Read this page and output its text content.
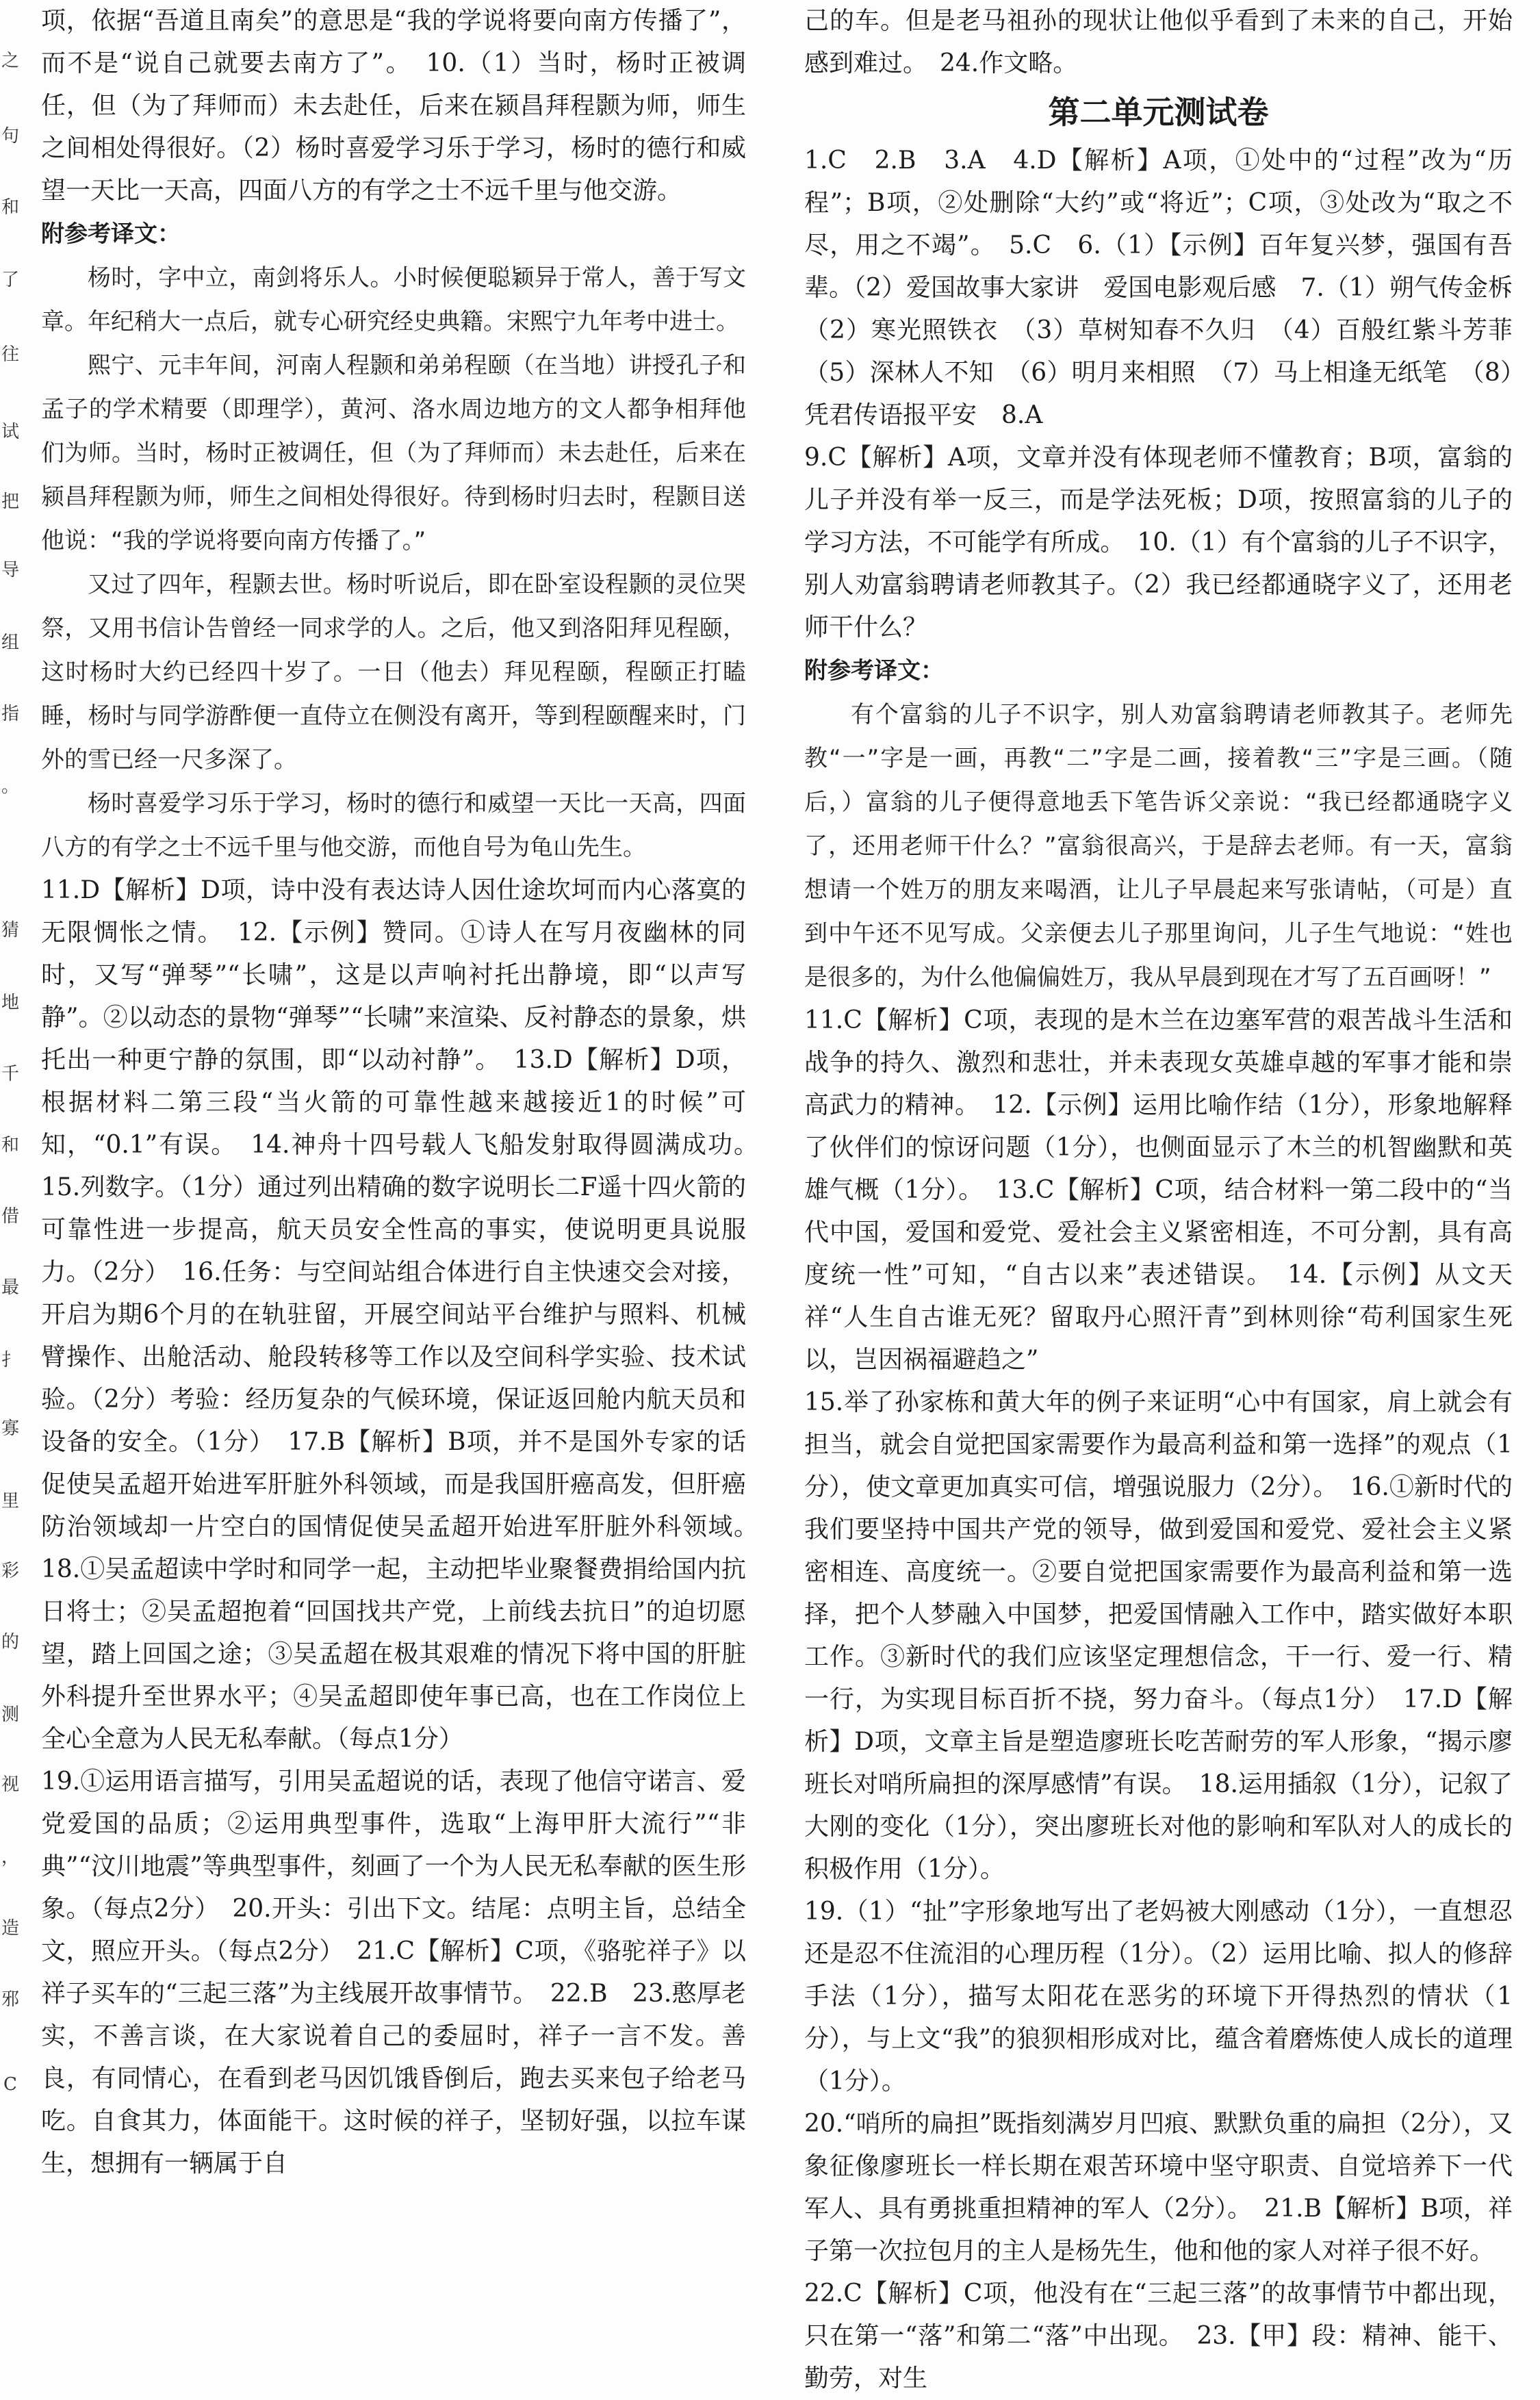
之
句
和
了
往
试
把
导
组
指
。
猜
地
千
和
借
最
扌
寡
里
彩
的
测
视
，
造
邪
C

项，依据“吾道且南矣”的意思是“我的学说将要向南方传播了”，而不是“说自己就要去南方了”。　10.（1）当时，杨时正被调任，但（为了拜师而）未去赴任，后来在颍昌拜程颢为师，师生之间相处得很好。（2）杨时喜爱学习乐于学习，杨时的德行和威望一天比一天高，四面八方的有学之士不远千里与他交游。

附参考译文：

杨时，字中立，南剑将乐人。小时候便聪颖异于常人，善于写文章。年纪稍大一点后，就专心研究经史典籍。宋熙宁九年考中进士。

熙宁、元丰年间，河南人程颢和弟弟程颐（在当地）讲授孔子和孟子的学术精要（即理学），黄河、洛水周边地方的文人都争相拜他们为师。当时，杨时正被调任，但（为了拜师而）未去赴任，后来在颍昌拜程颢为师，师生之间相处得很好。待到杨时归去时，程颢目送他说：“我的学说将要向南方传播了。”

又过了四年，程颢去世。杨时听说后，即在卧室设程颢的灵位哭祭，又用书信讣告曾经一同求学的人。之后，他又到洛阳拜见程颐，这时杨时大约已经四十岁了。一日（他去）拜见程颐，程颐正打瞌睡，杨时与同学游酢便一直侍立在侧没有离开，等到程颐醒来时，门外的雪已经一尺多深了。

杨时喜爱学习乐于学习，杨时的德行和威望一天比一天高，四面八方的有学之士不远千里与他交游，而他自号为龟山先生。

11.D【解析】D项，诗中没有表达诗人因仕途坎坷而内心落寞的无限惆怅之情。　12.【示例】赞同。①诗人在写月夜幽林的同时，又写“弹琴”“长啸”，这是以声响衬托出静境，即“以声写静”。②以动态的景物“弹琴”“长啸”来渲染、反衬静态的景象，烘托出一种更宁静的氛围，即“以动衬静”。　13.D【解析】D项，根据材料二第三段“当火箭的可靠性越来越接近1的时候”可知，“0.1”有误。　14.神舟十四号载人飞船发射取得圆满成功。　15.列数字。（1分）通过列出精确的数字说明长二F遥十四火箭的可靠性进一步提高，航天员安全性高的事实，使说明更具说服力。（2分）　16.任务：与空间站组合体进行自主快速交会对接，开启为期6个月的在轨驻留，开展空间站平台维护与照料、机械臂操作、出舱活动、舱段转移等工作以及空间科学实验、技术试验。（2分）考验：经历复杂的气候环境，保证返回舱内航天员和设备的安全。（1分）　17.B【解析】B项，并不是国外专家的话促使吴孟超开始进军肝脏外科领域，而是我国肝癌高发，但肝癌防治领域却一片空白的国情促使吴孟超开始进军肝脏外科领域。　18.①吴孟超读中学时和同学一起，主动把毕业聚餐费捐给国内抗日将士；②吴孟超抱着“回国找共产党，上前线去抗日”的迫切愿望，踏上回国之途；③吴孟超在极其艰难的情况下将中国的肝脏外科提升至世界水平；④吴孟超即使年事已高，也在工作岗位上全心全意为人民无私奉献。（每点1分）

19.①运用语言描写，引用吴孟超说的话，表现了他信守诺言、爱党爱国的品质；②运用典型事件，选取“上海甲肝大流行”“非典”“汶川地震”等典型事件，刻画了一个为人民无私奉献的医生形象。（每点2分）　20.开头：引出下文。结尾：点明主旨，总结全文，照应开头。（每点2分）　21.C【解析】C项，《骆驼祥子》以祥子买车的“三起三落”为主线展开故事情节。　22.B　23.憨厚老实，不善言谈，在大家说着自己的委屈时，祥子一言不发。善良，有同情心，在看到老马因饥饿昏倒后，跑去买来包子给老马吃。自食其力，体面能干。这时候的祥子，坚韧好强，以拉车谋生，想拥有一辆属于自

己的车。但是老马祖孙的现状让他似乎看到了未来的自己，开始感到难过。　24.作文略。

第二单元测试卷

1.C　2.B　3.A　4.D【解析】A项，①处中的“过程”改为“历程”；B项，②处删除“大约”或“将近”；C项，③处改为“取之不尽，用之不竭”。　5.C　6.（1）【示例】百年复兴梦，强国有吾辈。（2）爱国故事大家讲　爱国电影观后感　7.（1）朔气传金柝　（2）寒光照铁衣　（3）草树知春不久归　（4）百般红紫斗芳菲　（5）深林人不知　（6）明月来相照　（7）马上相逢无纸笔　（8）凭君传语报平安　8.A

9.C【解析】A项，文章并没有体现老师不懂教育；B项，富翁的儿子并没有举一反三，而是学法死板；D项，按照富翁的儿子的学习方法，不可能学有所成。　10.（1）有个富翁的儿子不识字，别人劝富翁聘请老师教其子。（2）我已经都通晓字义了，还用老师干什么？

附参考译文：

有个富翁的儿子不识字，别人劝富翁聘请老师教其子。老师先教“一”字是一画，再教“二”字是二画，接着教“三”字是三画。（随后，）富翁的儿子便得意地丢下笔告诉父亲说：“我已经都通晓字义了，还用老师干什么？”富翁很高兴，于是辞去老师。有一天，富翁想请一个姓万的朋友来喝酒，让儿子早晨起来写张请帖，（可是）直到中午还不见写成。父亲便去儿子那里询问，儿子生气地说：“姓也是很多的，为什么他偏偏姓万，我从早晨到现在才写了五百画呀！”

11.C【解析】C项，表现的是木兰在边塞军营的艰苦战斗生活和战争的持久、激烈和悲壮，并未表现女英雄卓越的军事才能和崇高武力的精神。　12.【示例】运用比喻作结（1分），形象地解释了伙伴们的惊讶问题（1分），也侧面显示了木兰的机智幽默和英雄气概（1分）。　13.C【解析】C项，结合材料一第二段中的“当代中国，爱国和爱党、爱社会主义紧密相连，不可分割，具有高度统一性”可知，“自古以来”表述错误。　14.【示例】从文天祥“人生自古谁无死？留取丹心照汗青”到林则徐“苟利国家生死以，岂因祸福避趋之”

15.举了孙家栋和黄大年的例子来证明“心中有国家，肩上就会有担当，就会自觉把国家需要作为最高利益和第一选择”的观点（1分），使文章更加真实可信，增强说服力（2分）。　16.①新时代的我们要坚持中国共产党的领导，做到爱国和爱党、爱社会主义紧密相连、高度统一。②要自觉把国家需要作为最高利益和第一选择，把个人梦融入中国梦，把爱国情融入工作中，踏实做好本职工作。③新时代的我们应该坚定理想信念，干一行、爱一行、精一行，为实现目标百折不挠，努力奋斗。（每点1分）　17.D【解析】D项，文章主旨是塑造廖班长吃苦耐劳的军人形象，“揭示廖班长对哨所扁担的深厚感情”有误。　18.运用插叙（1分），记叙了大刚的变化（1分），突出廖班长对他的影响和军队对人的成长的积极作用（1分）。

19.（1）“扯”字形象地写出了老妈被大刚感动（1分），一直想忍还是忍不住流泪的心理历程（1分）。（2）运用比喻、拟人的修辞手法（1分），描写太阳花在恶劣的环境下开得热烈的情状（1分），与上文“我”的狼狈相形成对比，蕴含着磨炼使人成长的道理（1分）。

20.“哨所的扁担”既指刻满岁月凹痕、默默负重的扁担（2分），又象征像廖班长一样长期在艰苦环境中坚守职责、自觉培养下一代军人、具有勇挑重担精神的军人（2分）。　21.B【解析】B项，祥子第一次拉包月的主人是杨先生，他和他的家人对祥子很不好。

22.C【解析】C项，他没有在“三起三落”的故事情节中都出现，只在第一“落”和第二“落”中出现。　23.【甲】段：精神、能干、勤劳，对生
